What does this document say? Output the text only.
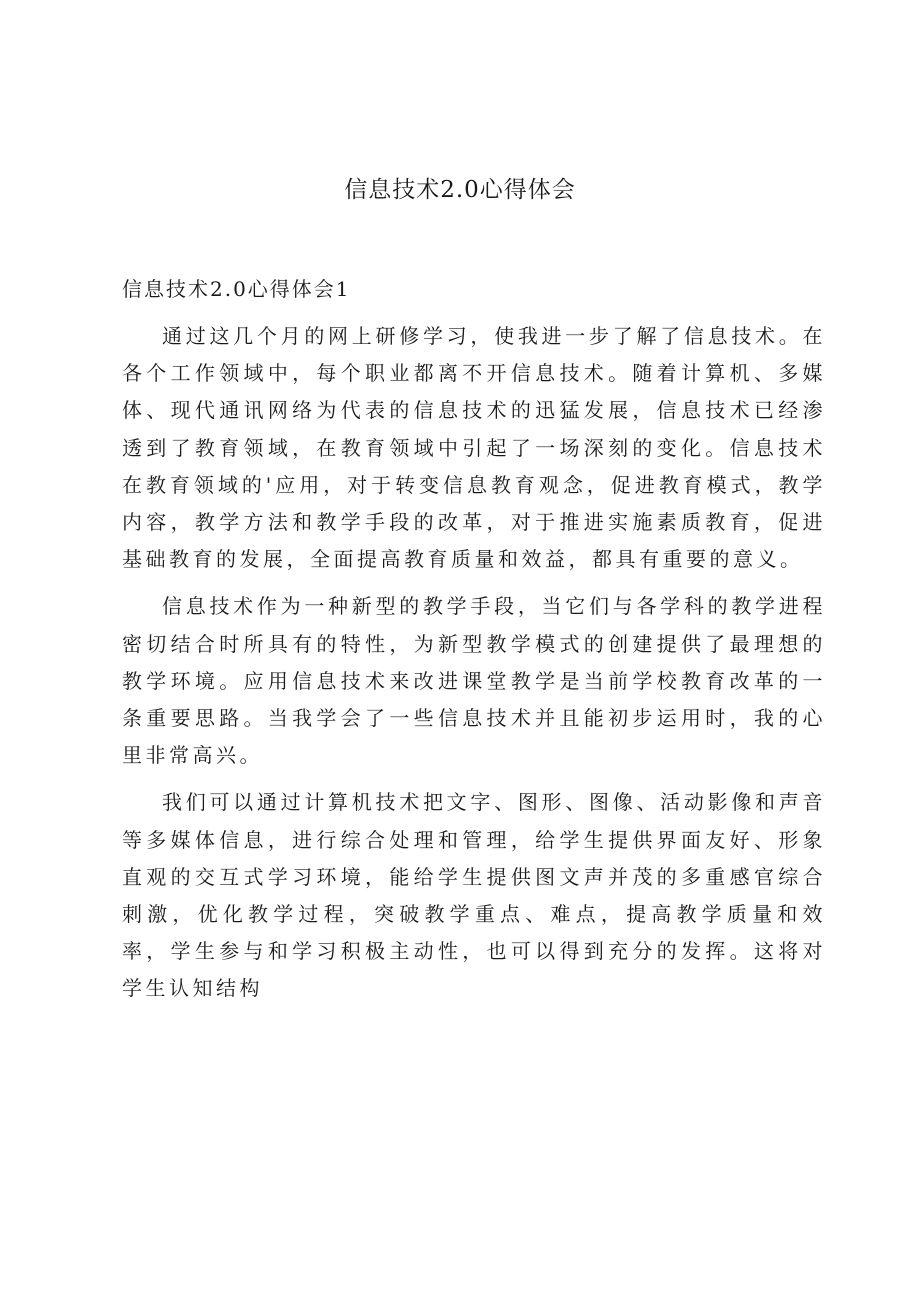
信息技术2.0心得体会
信息技术2.0心得体会1

通过这几个月的网上研修学习，使我进一步了解了信息技术。在各个工作领域中，每个职业都离不开信息技术。随着计算机、多媒体、现代通讯网络为代表的信息技术的迅猛发展，信息技术已经渗透到了教育领域，在教育领域中引起了一场深刻的变化。信息技术在教育领域的'应用，对于转变信息教育观念，促进教育模式，教学内容，教学方法和教学手段的改革，对于推进实施素质教育，促进基础教育的发展，全面提高教育质量和效益，都具有重要的意义。

信息技术作为一种新型的教学手段，当它们与各学科的教学进程密切结合时所具有的特性，为新型教学模式的创建提供了最理想的教学环境。应用信息技术来改进课堂教学是当前学校教育改革的一条重要思路。当我学会了一些信息技术并且能初步运用时，我的心里非常高兴。

我们可以通过计算机技术把文字、图形、图像、活动影像和声音等多媒体信息，进行综合处理和管理，给学生提供界面友好、形象直观的交互式学习环境，能给学生提供图文声并茂的多重感官综合刺激，优化教学过程，突破教学重点、难点，提高教学质量和效率，学生参与和学习积极主动性，也可以得到充分的发挥。这将对学生认知结构
